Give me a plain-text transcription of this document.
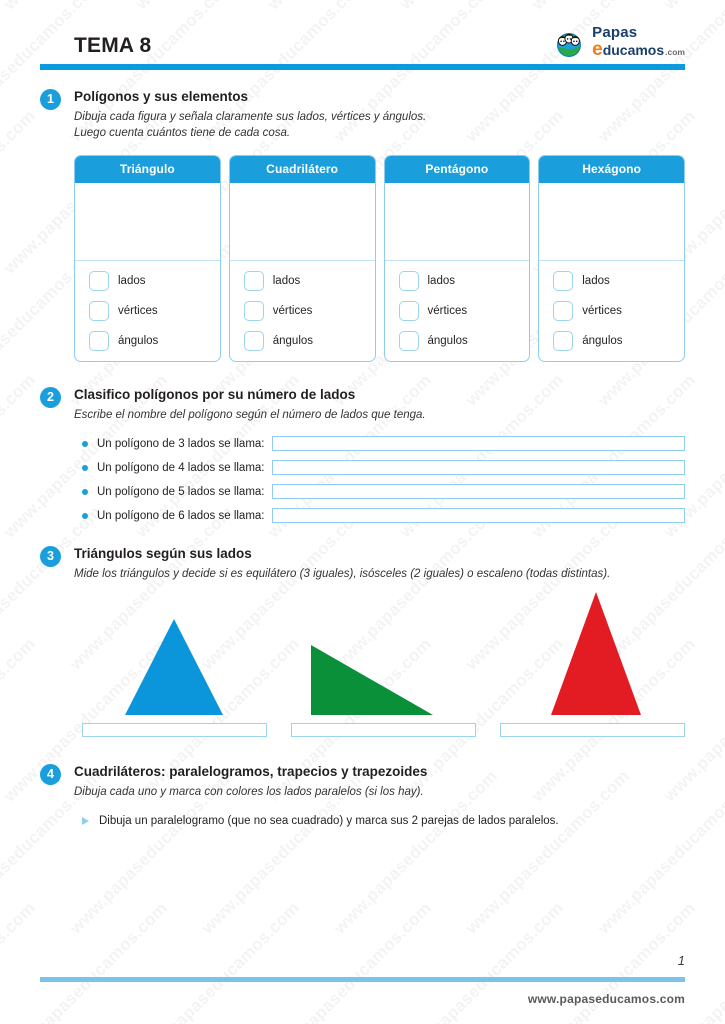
TEMA 8
Papas
e ducamos .com
1	Polígonos y sus elementos
Dibuja cada figura y señala claramente sus lados, vértices y ángulos.
Luego cuenta cuántos tiene de cada cosa.
Triángulo
lados
vértices
ángulos
Cuadrilátero
lados
vértices
ángulos
Pentágono
lados
vértices
ángulos
Hexágono
lados
vértices
ángulos
2	Clasifico polígonos por su número de lados
Escribe el nombre del polígono según el número de lados que tenga.
Un polígono de 3 lados se llama:
Un polígono de 4 lados se llama:
Un polígono de 5 lados se llama:
Un polígono de 6 lados se llama:
3	Triángulos según sus lados
Mide los triángulos y decide si es equilátero (3 iguales), isósceles (2 iguales) o escaleno (todas distintas).
4	Cuadriláteros: paralelogramos, trapecios y trapezoides
Dibuja cada uno y marca con colores los lados paralelos (si los hay).
Dibuja un paralelogramo (que no sea cuadrado) y marca sus 2 parejas de lados paralelos.
1
www.papaseducamos.com
